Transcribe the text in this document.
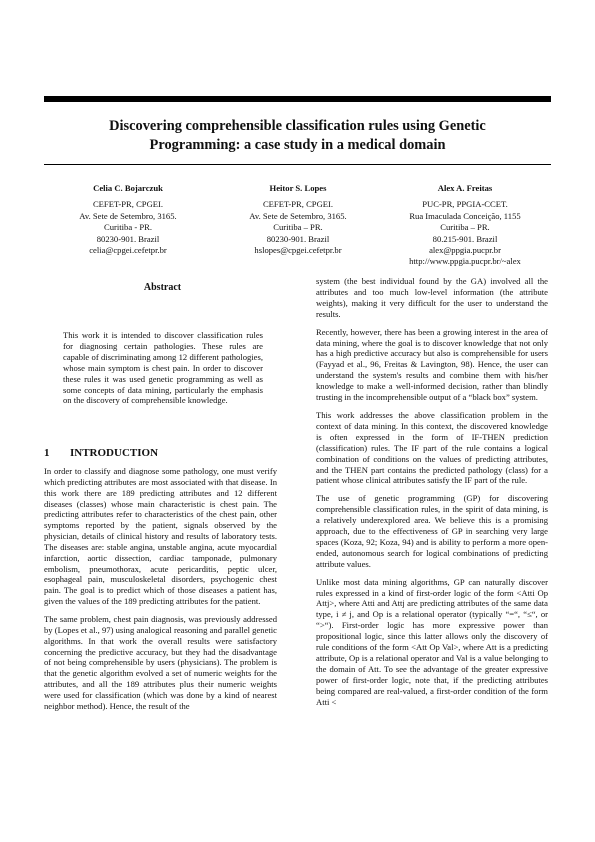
Discovering comprehensible classification rules using Genetic
Programming: a case study in a medical domain
Celia C. Bojarczuk
CEFET-PR, CPGEI.
Av. Sete de Setembro, 3165.
Curitiba - PR.
80230-901. Brazil
celia@cpgei.cefetpr.br
Heitor S. Lopes
CEFET-PR, CPGEI.
Av. Sete de Setembro, 3165.
Curitiba – PR.
80230-901. Brazil
hslopes@cpgei.cefetpr.br
Alex A. Freitas
PUC-PR, PPGIA-CCET.
Rua Imaculada Conceição, 1155
Curitiba – PR.
80.215-901. Brazil
alex@ppgia.pucpr.br
http://www.ppgia.pucpr.br/~alex
Abstract
This work it is intended to discover classification rules for diagnosing certain pathologies. These rules are capable of discriminating among 12 different pathologies, whose main symptom is chest pain. In order to discover these rules it was used genetic programming as well as some concepts of data mining, particularly the emphasis on the discovery of comprehensible knowledge.
1 INTRODUCTION

In order to classify and diagnose some pathology, one must verify which predicting attributes are most associated with that disease. In this work there are 189 predicting attributes and 12 different diseases (classes) whose main characteristic is chest pain. The predicting attributes refer to characteristics of the chest pain, other symptoms reported by the patient, signals observed by the physician, details of clinical history and results of laboratory tests. The diseases are: stable angina, unstable angina, acute myocardial infarction, aortic dissection, cardiac tamponade, pulmonary embolism, pneumothorax, acute pericarditis, peptic ulcer, esophageal pain, musculoskeletal disorders, psychogenic chest pain. The goal is to predict which of those diseases a patient has, given the values of the 189 predicting attributes for the patient.

The same problem, chest pain diagnosis, was previously addressed by (Lopes et al., 97) using analogical reasoning and parallel genetic algorithms. In that work the overall results were satisfactory concerning the predictive accuracy, but they had the disadvantage of not being comprehensible by users (physicians). The problem is that the genetic algorithm evolved a set of numeric weights for the attributes, and all the 189 attributes plus their numeric weights were used for classification (which was done by a kind of nearest neighbor method). Hence, the result of the

system (the best individual found by the GA) involved all the attributes and too much low-level information (the attribute weights), making it very difficult for the user to understand the results.

Recently, however, there has been a growing interest in the area of data mining, where the goal is to discover knowledge that not only has a high predictive accuracy but also is comprehensible for users (Fayyad et al., 96, Freitas & Lavington, 98). Hence, the user can understand the system's results and combine them with his/her knowledge to make a well-informed decision, rather than blindly trusting in the incomprehensible output of a “black box” system.

This work addresses the above classification problem in the context of data mining. In this context, the discovered knowledge is often expressed in the form of IF-THEN prediction (classification) rules. The IF part of the rule contains a logical combination of conditions on the values of predicting attributes, and the THEN part contains the predicted pathology (class) for a patient whose clinical attributes satisfy the IF part of the rule.

The use of genetic programming (GP) for discovering comprehensible classification rules, in the spirit of data mining, is a relatively underexplored area. We believe this is a promising approach, due to the effectiveness of GP in searching very large spaces (Koza, 92; Koza, 94) and is ability to perform a more open-ended, autonomous search for logical combinations of predicting attribute values.

Unlike most data mining algorithms, GP can naturally discover rules expressed in a kind of first-order logic of the form <Atti Op Attj>, where Atti and Attj are predicting attributes of the same data type, i ≠ j, and Op is a relational operator (typically “=“, “≤“, or “>“). First-order logic has more expressive power than propositional logic, since this latter allows only the discovery of rule conditions of the form <Att Op Val>, where Att is a predicting attribute, Op is a relational operator and Val is a value belonging to the domain of Att. To see the advantage of the greater expressive power of first-order logic, note that, if the predicting attributes being compared are real-valued, a first-order condition of the form Atti <
